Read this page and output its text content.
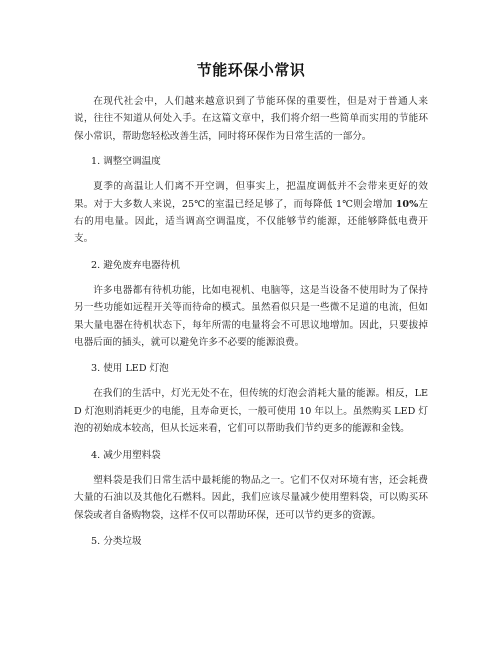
节能环保小常识

在现代社会中，人们越来越意识到了节能环保的重要性，但是对于普通人来说，往往不知道从何处入手。在这篇文章中，我们将介绍一些简单而实用的节能环保小常识，帮助您轻松改善生活，同时将环保作为日常生活的一部分。

1. 调整空调温度

夏季的高温让人们离不开空调，但事实上，把温度调低并不会带来更好的效果。对于大多数人来说，25℃的室温已经足够了，而每降低 1℃则会增加 10%左右的用电量。因此，适当调高空调温度，不仅能够节约能源，还能够降低电费开支。

2. 避免废弃电器待机

许多电器都有待机功能，比如电视机、电脑等，这是当设备不使用时为了保持另一些功能如远程开关等而待命的模式。虽然看似只是一些微不足道的电流，但如果大量电器在待机状态下，每年所需的电量将会不可思议地增加。因此，只要拔掉电器后面的插头，就可以避免许多不必要的能源浪费。

3. 使用 LED 灯泡

在我们的生活中，灯光无处不在，但传统的灯泡会消耗大量的能源。相反，LED 灯泡则消耗更少的电能，且寿命更长，一般可使用 10 年以上。虽然购买 LED 灯泡的初始成本较高，但从长远来看，它们可以帮助我们节约更多的能源和金钱。

4. 减少用塑料袋

塑料袋是我们日常生活中最耗能的物品之一。它们不仅对环境有害，还会耗费大量的石油以及其他化石燃料。因此，我们应该尽量减少使用塑料袋，可以购买环保袋或者自备购物袋，这样不仅可以帮助环保，还可以节约更多的资源。

5. 分类垃圾
